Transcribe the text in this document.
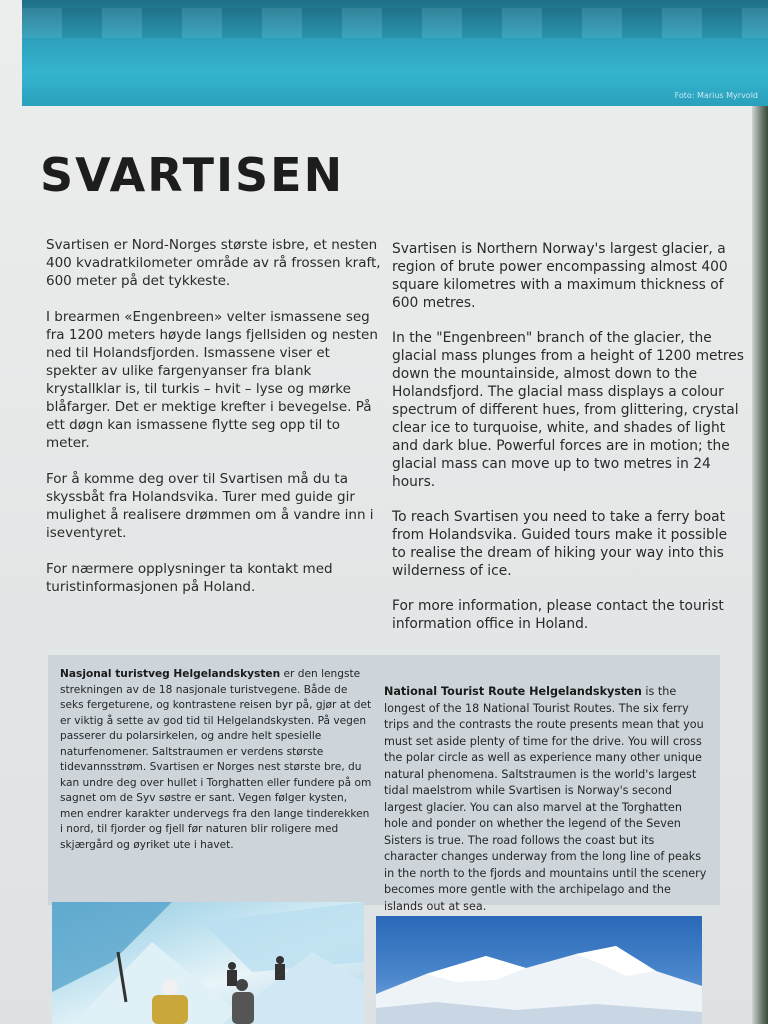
Foto: Marius Myrvold
SVARTISEN

Svartisen er Nord-Norges største isbre, et nesten 400 kvadratkilometer område av rå frossen kraft, 600 meter på det tykkeste.

I brearmen «Engenbreen» velter ismassene seg fra 1200 meters høyde langs fjellsiden og nesten ned til Holandsfjorden. Ismassene viser et spekter av ulike fargenyanser fra blank krystallklar is, til turkis – hvit – lyse og mørke blåfarger. Det er mektige krefter i bevegelse. På ett døgn kan ismassene flytte seg opp til to meter.

For å komme deg over til Svartisen må du ta skyssbåt fra Holandsvika. Turer med guide gir mulighet å realisere drømmen om å vandre inn i iseventyret.

For nærmere opplysninger ta kontakt med turistinformasjonen på Holand.

Svartisen is Northern Norway's largest glacier, a region of brute power encompassing almost 400 square kilometres with a maximum thickness of 600 metres.

In the "Engenbreen" branch of the glacier, the glacial mass plunges from a height of 1200 metres down the mountainside, almost down to the Holandsfjord. The glacial mass displays a colour spectrum of different hues, from glittering, crystal clear ice to turquoise, white, and shades of light and dark blue. Powerful forces are in motion; the glacial mass can move up to two metres in 24 hours.

To reach Svartisen you need to take a ferry boat from Holandsvika. Guided tours make it possible to realise the dream of hiking your way into this wilderness of ice.

For more information, please contact the tourist information office in Holand.

Nasjonal turistveg Helgelandskysten er den lengste strekningen av de 18 nasjonale turistvegene. Både de seks fergeturene, og kontrastene reisen byr på, gjør at det er viktig å sette av god tid til Helgelandskysten. På vegen passerer du polarsirkelen, og andre helt spesielle naturfenomener. Saltstraumen er verdens største tidevannsstrøm. Svartisen er Norges nest største bre, du kan undre deg over hullet i Torghatten eller fundere på om sagnet om de Syv søstre er sant. Vegen følger kysten, men endrer karakter undervegs fra den lange tinderekken i nord, til fjorder og fjell før naturen blir roligere med skjærgård og øyriket ute i havet.
National Tourist Route Helgelandskysten is the longest of the 18 National Tourist Routes. The six ferry trips and the contrasts the route presents mean that you must set aside plenty of time for the drive. You will cross the polar circle as well as experience many other unique natural phenomena. Saltstraumen is the world's largest tidal maelstrom while Svartisen is Norway's second largest glacier. You can also marvel at the Torghatten hole and ponder on whether the legend of the Seven Sisters is true. The road follows the coast but its character changes underway from the long line of peaks in the north to the fjords and mountains until the scenery becomes more gentle with the archipelago and the islands out at sea.
